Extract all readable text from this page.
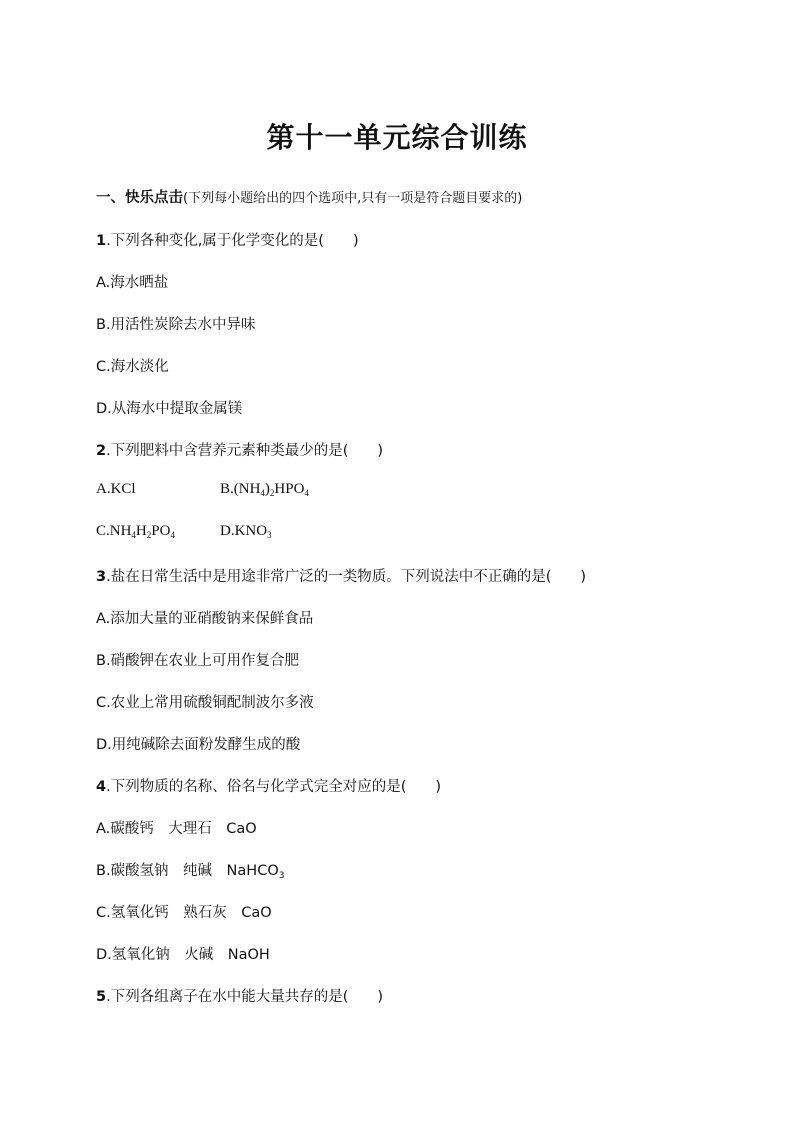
第十一单元综合训练
一、快乐点击(下列每小题给出的四个选项中,只有一项是符合题目要求的)
1.下列各种变化,属于化学变化的是(　　)
A.海水晒盐
B.用活性炭除去水中异味
C.海水淡化
D.从海水中提取金属镁
2.下列肥料中含营养元素种类最少的是(　　)
A.KCl	$B.(NH_4)_2HPO_4$
$C.NH_4H_2PO_4$	$D.KNO_3$
3.盐在日常生活中是用途非常广泛的一类物质。下列说法中不正确的是(　　)
A.添加大量的亚硝酸钠来保鲜食品
B.硝酸钾在农业上可用作复合肥
C.农业上常用硫酸铜配制波尔多液
D.用纯碱除去面粉发酵生成的酸
4.下列物质的名称、俗名与化学式完全对应的是(　　)
A.碳酸钙　大理石　CaO
B.碳酸氢钠　纯碱　NaHCO$_3$
C.氢氧化钙　熟石灰　CaO
D.氢氧化钠　火碱　NaOH
5.下列各组离子在水中能大量共存的是(　　)
